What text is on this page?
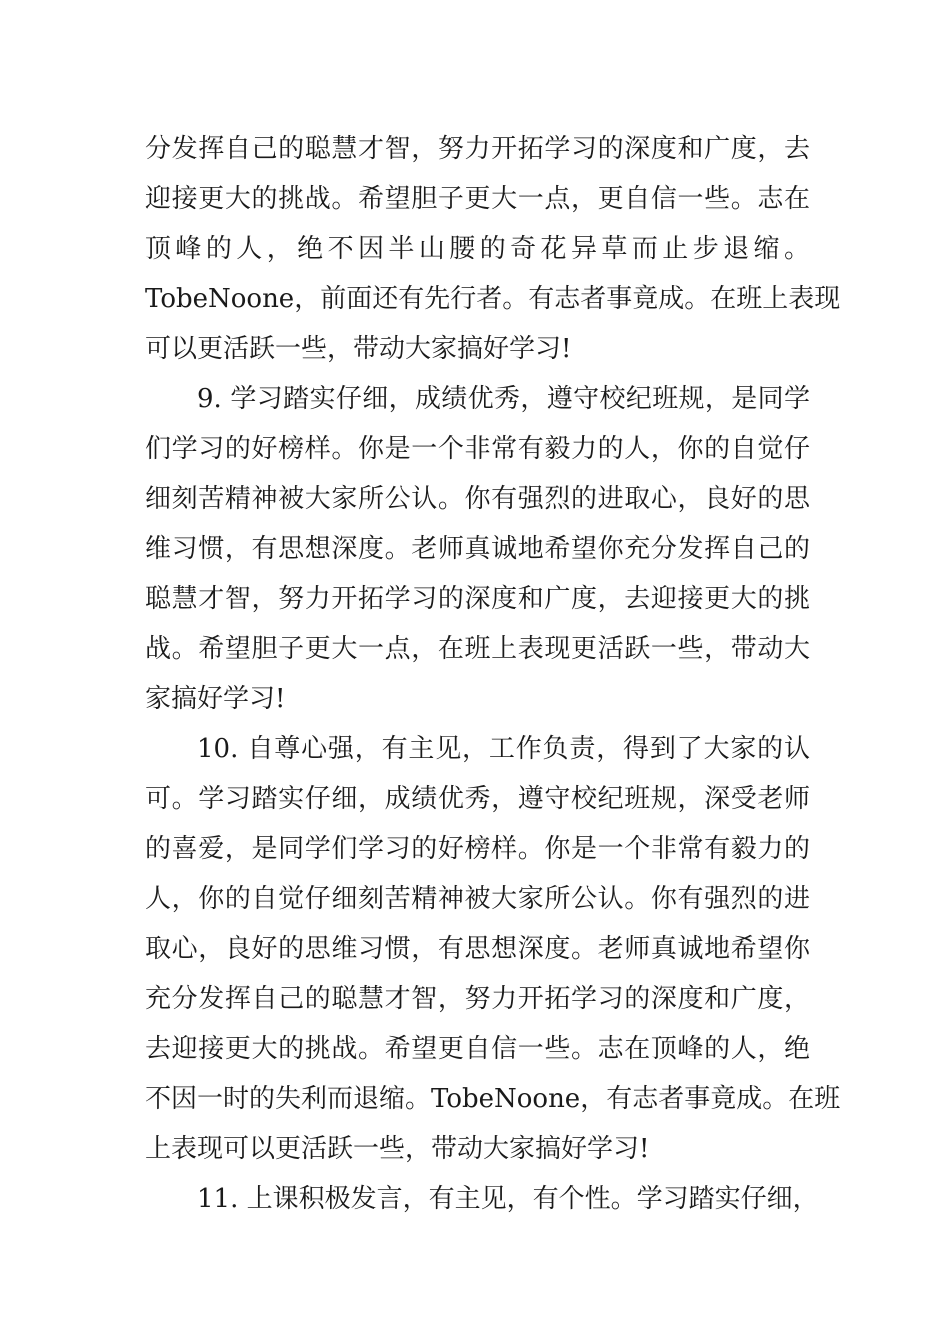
分发挥自己的聪慧才智，努力开拓学习的深度和广度，去
迎接更大的挑战。希望胆子更大一点，更自信一些。志在
顶峰的人，绝不因半山腰的奇花异草而止步退缩。
TobeNoone，前面还有先行者。有志者事竟成。在班上表现
可以更活跃一些，带动大家搞好学习!
9. 学习踏实仔细，成绩优秀，遵守校纪班规，是同学
们学习的好榜样。你是一个非常有毅力的人，你的自觉仔
细刻苦精神被大家所公认。你有强烈的进取心，良好的思
维习惯，有思想深度。老师真诚地希望你充分发挥自己的
聪慧才智，努力开拓学习的深度和广度，去迎接更大的挑
战。希望胆子更大一点，在班上表现更活跃一些，带动大
家搞好学习!
10. 自尊心强，有主见，工作负责，得到了大家的认
可。学习踏实仔细，成绩优秀，遵守校纪班规，深受老师
的喜爱，是同学们学习的好榜样。你是一个非常有毅力的
人，你的自觉仔细刻苦精神被大家所公认。你有强烈的进
取心，良好的思维习惯，有思想深度。老师真诚地希望你
充分发挥自己的聪慧才智，努力开拓学习的深度和广度，
去迎接更大的挑战。希望更自信一些。志在顶峰的人，绝
不因一时的失利而退缩。TobeNoone，有志者事竟成。在班
上表现可以更活跃一些，带动大家搞好学习!
11. 上课积极发言，有主见，有个性。学习踏实仔细，
